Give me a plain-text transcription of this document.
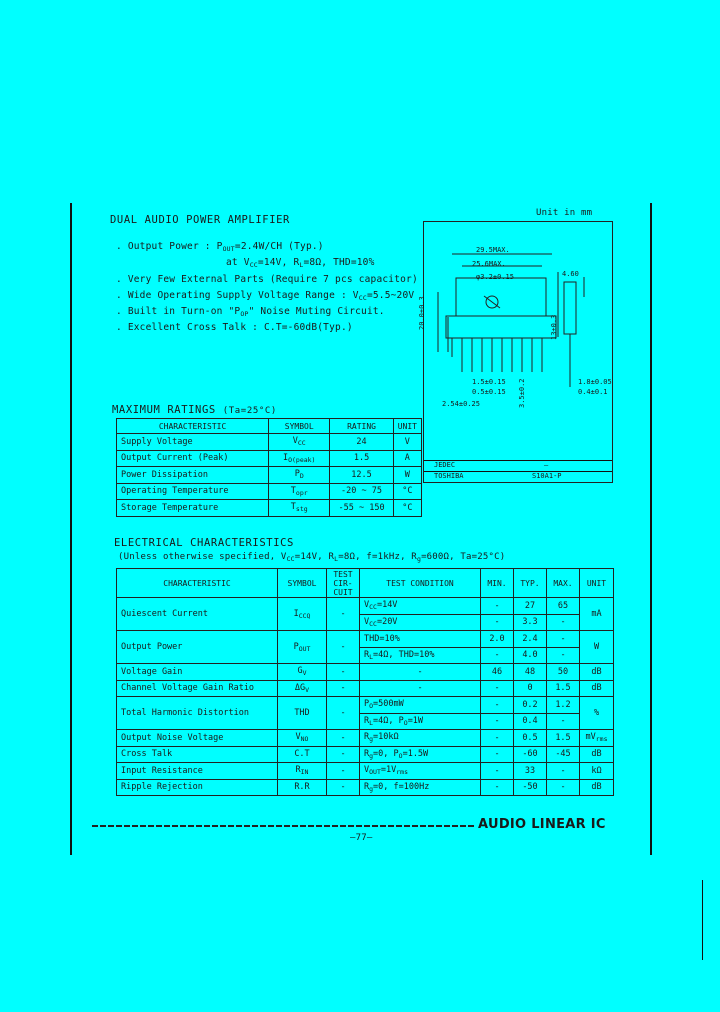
DUAL AUDIO POWER AMPLIFIER
. Output Power : $P_{OUT}=2.4W/CH$ (Typ.)
at $V_{CC}=14V$, $R_L=8\Omega$, THD=10%
. Very Few External Parts (Require 7 pcs capacitor)
. Wide Operating Supply Voltage Range : $V_{CC}=5.5\sim 20V$
. Built in Turn-on "$P_{OP}$" Noise Muting Circuit.
. Excellent Cross Talk : C.T=-60dB(Typ.)
Unit in mm
29.5MAX.
25.6MAX.
φ3.2±0.15	4.60
20.0±0.3	13±0.3
1.5±0.15
0.5±0.15
2.54±0.25	3.5±0.2	1.8±0.05
0.4±0.1
JEDEC	—
TOSHIBA	S10A1-P
MAXIMUM RATINGS (Ta=25°C)
CHARACTERISTIC	SYMBOL	RATING	UNIT
Supply Voltage	$V_{CC}$	24	V
Output Current (Peak)	$I_{O(peak)}$	1.5	A
Power Dissipation	$P_D$	12.5	W
Operating Temperature	$T_{opr}$	-20 ~ 75	°C
Storage Temperature	$T_{stg}$	-55 ~ 150	°C
ELECTRICAL CHARACTERISTICS
(Unless otherwise specified, $V_{CC}=14V$, $R_L=8\Omega$, f=1kHz, $R_g=600\Omega$, Ta=25°C)
CHARACTERISTIC	SYMBOL	TEST CIR-CUIT	TEST CONDITION	MIN.	TYP.	MAX.	UNIT
Quiescent Current	$I_{CCQ}$	-	$V_{CC}=14V$	-	27	65	mA
			$V_{CC}=20V$	-	3.3	-	
Output Power	$P_{OUT}$	-	THD=10%	2.0	2.4	-	W
			$R_L=4\Omega$, THD=10%	-	4.0	-	
Voltage Gain	$G_V$	-	-	46	48	50	dB
Channel Voltage Gain Ratio	$\Delta G_V$	-	-	-	0	1.5	dB
Total Harmonic Distortion	THD	-	$P_O=500mW$	-	0.2	1.2	%
			$R_L=4\Omega$, $P_O=1W$	-	0.4	-	
Output Noise Voltage	$V_{NO}$	-	$R_g=10k\Omega$	-	0.5	1.5	$mV_{rms}$
Cross Talk	C.T	-	$R_g=0$, $P_O=1.5W$	-	-60	-45	dB
Input Resistance	$R_{IN}$	-	$V_{OUT}=1V_{rms}$	-	33	-	kΩ
Ripple Rejection	R.R	-	$R_g=0$, f=100Hz	-	-50	-	dB
AUDIO LINEAR IC
—77—
